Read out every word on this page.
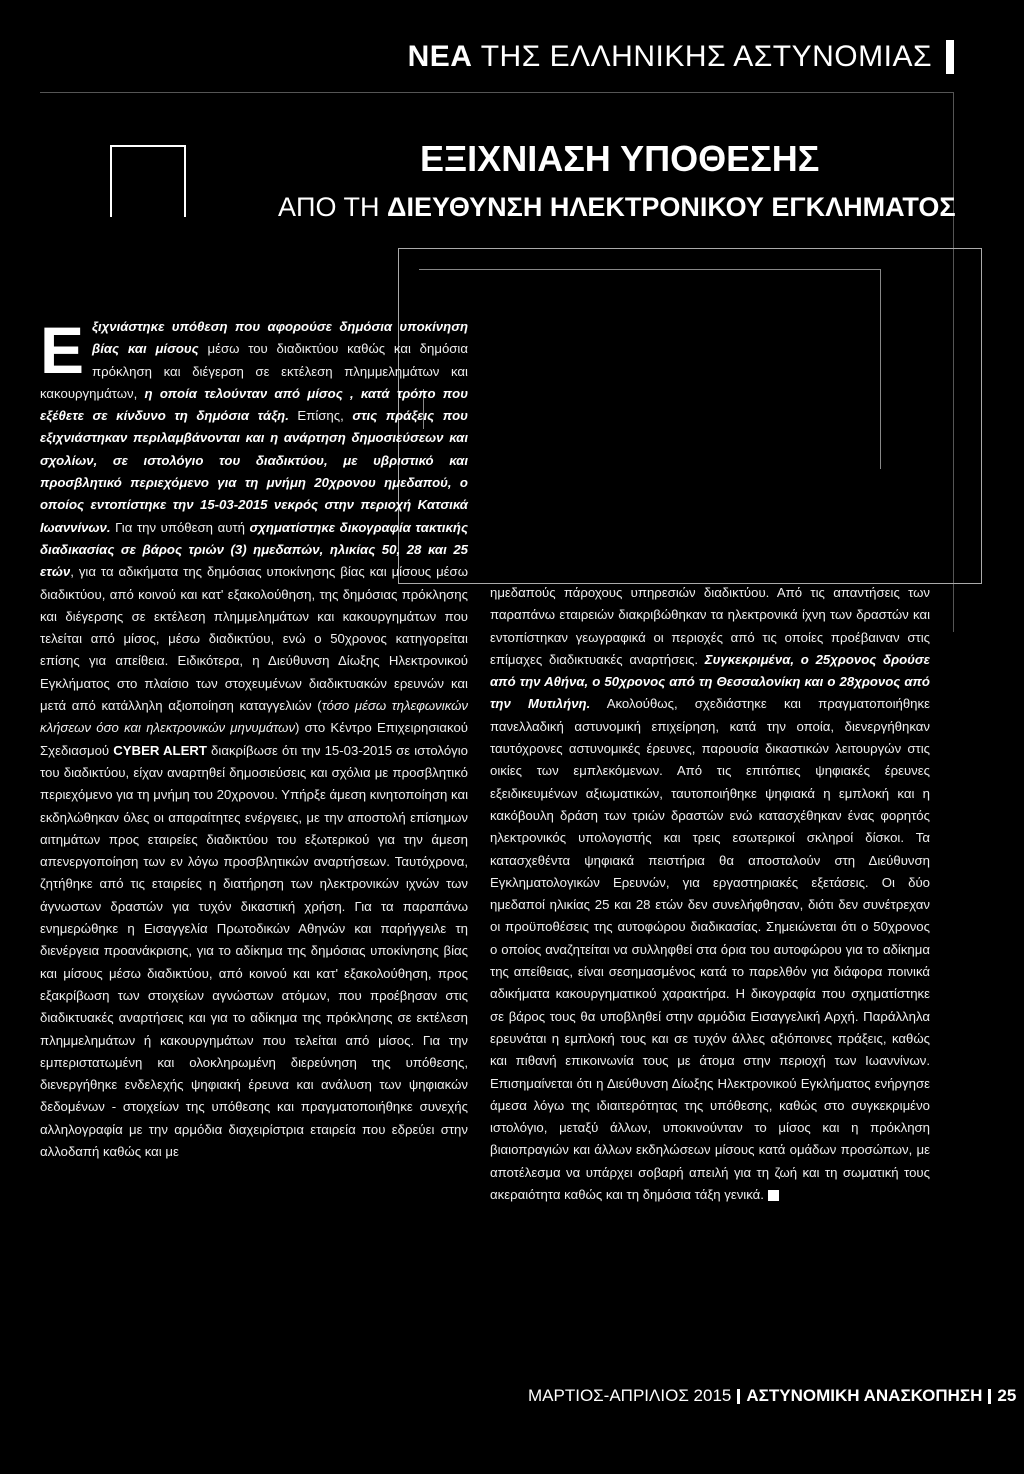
ΝΕΑ ΤΗΣ ΕΛΛΗΝΙΚΗΣ ΑΣΤΥΝΟΜΙΑΣ
ΕΞΙΧΝΙΑΣΗ ΥΠΟΘΕΣΗΣ
ΑΠΟ ΤΗ ΔΙΕΥΘΥΝΣΗ ΗΛΕΚΤΡΟΝΙΚΟΥ ΕΓΚΛΗΜΑΤΟΣ

Εξιχνιάστηκε υπόθεση που αφορούσε δημόσια υποκίνηση βίας και μίσους μέσω του διαδικτύου καθώς και δημόσια πρόκληση και διέγερση σε εκτέλεση πλημμελημάτων και κακουργημάτων, η οποία τελούνταν από μίσος , κατά τρόπο που εξέθετε σε κίνδυνο τη δημόσια τάξη. Επίσης, στις πράξεις που εξιχνιάστηκαν περιλαμβάνονται και η ανάρτηση δημοσιεύσεων και σχολίων, σε ιστολόγιο του διαδικτύου, με υβριστικό και προσβλητικό περιεχόμενο για τη μνήμη 20χρονου ημεδαπού, ο οποίος εντοπίστηκε την 15-03-2015 νεκρός στην περιοχή Κατσικά Ιωαννίνων. Για την υπόθεση αυτή σχηματίστηκε δικογραφία τακτικής διαδικασίας σε βάρος τριών (3) ημεδαπών, ηλικίας 50, 28 και 25 ετών, για τα αδικήματα της δημόσιας υποκίνησης βίας και μίσους μέσω διαδικτύου, από κοινού και κατ' εξακολούθηση, της δημόσιας πρόκλησης και διέγερσης σε εκτέλεση πλημμελημάτων και κακουργημάτων που τελείται από μίσος, μέσω διαδικτύου, ενώ ο 50χρονος κατηγορείται επίσης για απείθεια. Ειδικότερα, η Διεύθυνση Δίωξης Ηλεκτρονικού Εγκλήματος στο πλαίσιο των στοχευμένων διαδικτυακών ερευνών και μετά από κατάλληλη αξιοποίηση καταγγελιών (τόσο μέσω τηλεφωνικών κλήσεων όσο και ηλεκτρονικών μηνυμάτων) στο Κέντρο Επιχειρησιακού Σχεδιασμού CYBER ALERT διακρίβωσε ότι την 15-03-2015 σε ιστολόγιο του διαδικτύου, είχαν αναρτηθεί δημοσιεύσεις και σχόλια με προσβλητικό περιεχόμενο για τη μνήμη του 20χρονου. Υπήρξε άμεση κινητοποίηση και εκδηλώθηκαν όλες οι απαραίτητες ενέργειες, με την αποστολή επίσημων αιτημάτων προς εταιρείες διαδικτύου του εξωτερικού για την άμεση απενεργοποίηση των εν λόγω προσβλητικών αναρτήσεων. Ταυτόχρονα, ζητήθηκε από τις εταιρείες η διατήρηση των ηλεκτρονικών ιχνών των άγνωστων δραστών για τυχόν δικαστική χρήση. Για τα παραπάνω ενημερώθηκε η Εισαγγελία Πρωτοδικών Αθηνών και παρήγγειλε τη διενέργεια προανάκρισης, για το αδίκημα της δημόσιας υποκίνησης βίας και μίσους μέσω διαδικτύου, από κοινού και κατ' εξακολούθηση, προς εξακρίβωση των στοιχείων αγνώστων ατόμων, που προέβησαν στις διαδικτυακές αναρτήσεις και για το αδίκημα της πρόκλησης σε εκτέλεση πλημμελημάτων ή κακουργημάτων που τελείται από μίσος. Για την εμπεριστατωμένη και ολοκληρωμένη διερεύνηση της υπόθεσης, διενεργήθηκε ενδελεχής ψηφιακή έρευνα και ανάλυση των ψηφιακών δεδομένων - στοιχείων της υπόθεσης και πραγματοποιήθηκε συνεχής αλληλογραφία με την αρμόδια διαχειρίστρια εταιρεία που εδρεύει στην αλλοδαπή καθώς και με

ημεδαπούς πάροχους υπηρεσιών διαδικτύου. Από τις απαντήσεις των παραπάνω εταιρειών διακριβώθηκαν τα ηλεκτρονικά ίχνη των δραστών και εντοπίστηκαν γεωγραφικά οι περιοχές από τις οποίες προέβαιναν στις επίμαχες διαδικτυακές αναρτήσεις. Συγκεκριμένα, ο 25χρονος δρούσε από την Αθήνα, ο 50χρονος από τη Θεσσαλονίκη και ο 28χρονος από την Μυτιλήνη. Ακολούθως, σχεδιάστηκε και πραγματοποιήθηκε πανελλαδική αστυνομική επιχείρηση, κατά την οποία, διενεργήθηκαν ταυτόχρονες αστυνομικές έρευνες, παρουσία δικαστικών λειτουργών στις οικίες των εμπλεκόμενων. Από τις επιτόπιες ψηφιακές έρευνες εξειδικευμένων αξιωματικών, ταυτοποιήθηκε ψηφιακά η εμπλοκή και η κακόβουλη δράση των τριών δραστών ενώ κατασχέθηκαν ένας φορητός ηλεκτρονικός υπολογιστής και τρεις εσωτερικοί σκληροί δίσκοι. Τα κατασχεθέντα ψηφιακά πειστήρια θα αποσταλούν στη Διεύθυνση Εγκληματολογικών Ερευνών, για εργαστηριακές εξετάσεις. Οι δύο ημεδαποί ηλικίας 25 και 28 ετών δεν συνελήφθησαν, διότι δεν συνέτρεχαν οι προϋποθέσεις της αυτοφώρου διαδικασίας. Σημειώνεται ότι ο 50χρονος ο οποίος αναζητείται να συλληφθεί στα όρια του αυτοφώρου για το αδίκημα της απείθειας, είναι σεσημασμένος κατά το παρελθόν για διάφορα ποινικά αδικήματα κακουργηματικού χαρακτήρα. Η δικογραφία που σχηματίστηκε σε βάρος τους θα υποβληθεί στην αρμόδια Εισαγγελική Αρχή. Παράλληλα ερευνάται η εμπλοκή τους και σε τυχόν άλλες αξιόποινες πράξεις, καθώς και πιθανή επικοινωνία τους με άτομα στην περιοχή των Ιωαννίνων. Επισημαίνεται ότι η Διεύθυνση Δίωξης Ηλεκτρονικού Εγκλήματος ενήργησε άμεσα λόγω της ιδιαιτερότητας της υπόθεσης, καθώς στο συγκεκριμένο ιστολόγιο, μεταξύ άλλων, υποκινούνταν το μίσος και η πρόκληση βιαιοπραγιών και άλλων εκδηλώσεων μίσους κατά ομάδων προσώπων, με αποτέλεσμα να υπάρχει σοβαρή απειλή για τη ζωή και τη σωματική τους ακεραιότητα καθώς και τη δημόσια τάξη γενικά.

ΜΑΡΤΙΟΣ-ΑΠΡΙΛΙΟΣ 2015 ΑΣΤΥΝΟΜΙΚΗ ΑΝΑΣΚΟΠΗΣΗ 25
